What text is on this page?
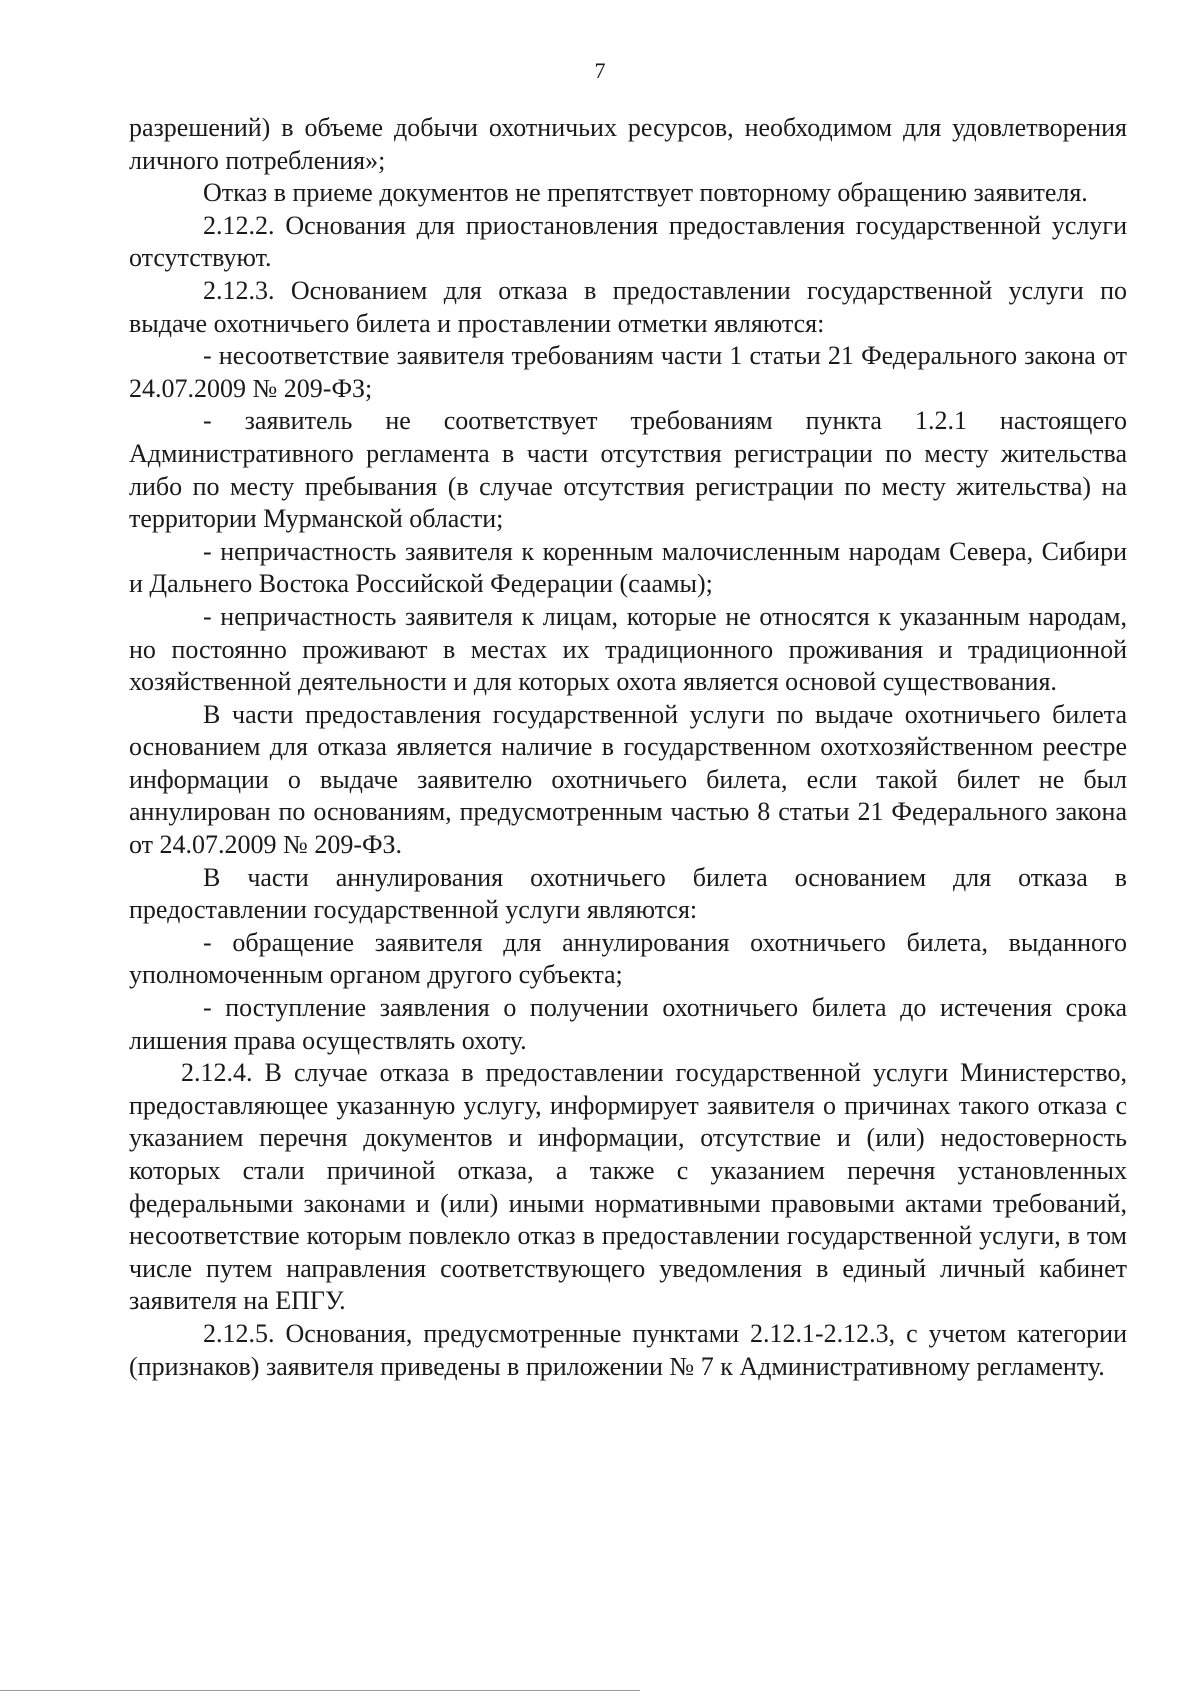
7

разрешений) в объеме добычи охотничьих ресурсов, необходимом для удовлетворения личного потребления»;

Отказ в приеме документов не препятствует повторному обращению заявителя.

2.12.2. Основания для приостановления предоставления государственной услуги отсутствуют.

2.12.3. Основанием для отказа в предоставлении государственной услуги по выдаче охотничьего билета и проставлении отметки являются:

- несоответствие заявителя требованиям части 1 статьи 21 Федерального закона от 24.07.2009 № 209-ФЗ;

- заявитель не соответствует требованиям пункта 1.2.1 настоящего Административного регламента в части отсутствия регистрации по месту жительства либо по месту пребывания (в случае отсутствия регистрации по месту жительства) на территории Мурманской области;

- непричастность заявителя к коренным малочисленным народам Севера, Сибири и Дальнего Востока Российской Федерации (саамы);

- непричастность заявителя к лицам, которые не относятся к указанным народам, но постоянно проживают в местах их традиционного проживания и традиционной хозяйственной деятельности и для которых охота является основой существования.

В части предоставления государственной услуги по выдаче охотничьего билета основанием для отказа является наличие в государственном охотхозяйственном реестре информации о выдаче заявителю охотничьего билета, если такой билет не был аннулирован по основаниям, предусмотренным частью 8 статьи 21 Федерального закона от 24.07.2009 № 209-ФЗ.

В части аннулирования охотничьего билета основанием для отказа в предоставлении государственной услуги являются:

- обращение заявителя для аннулирования охотничьего билета, выданного уполномоченным органом другого субъекта;

- поступление заявления о получении охотничьего билета до истечения срока лишения права осуществлять охоту.

2.12.4. В случае отказа в предоставлении государственной услуги Министерство, предоставляющее указанную услугу, информирует заявителя о причинах такого отказа с указанием перечня документов и информации, отсутствие и (или) недостоверность которых стали причиной отказа, а также с указанием перечня установленных федеральными законами и (или) иными нормативными правовыми актами требований, несоответствие которым повлекло отказ в предоставлении государственной услуги, в том числе путем направления соответствующего уведомления в единый личный кабинет заявителя на ЕПГУ.

2.12.5. Основания, предусмотренные пунктами 2.12.1-2.12.3, с учетом категории (признаков) заявителя приведены в приложении № 7 к Административному регламенту.
